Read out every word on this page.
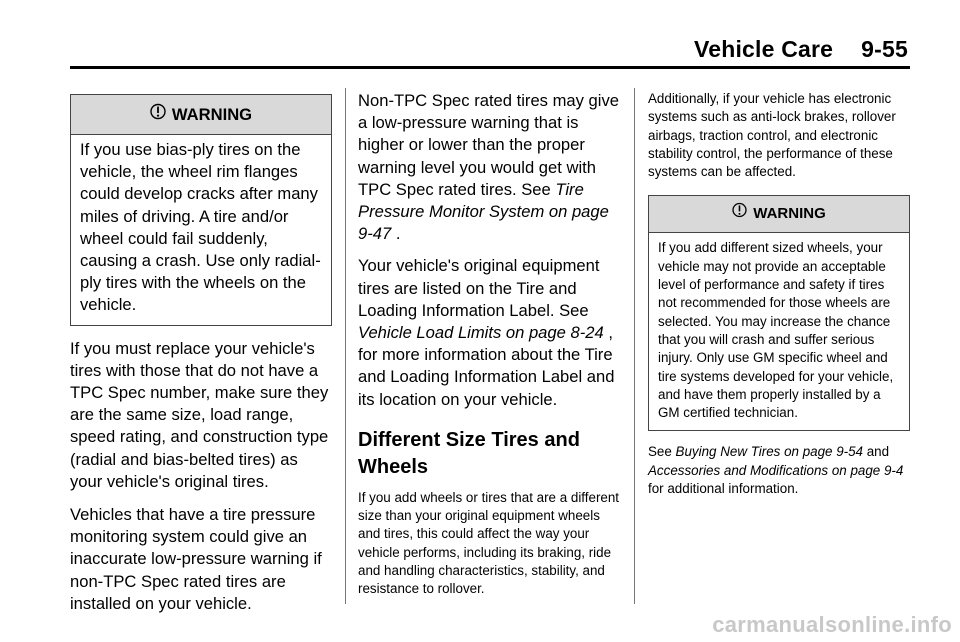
Vehicle Care 9-55
WARNING

If you use bias-ply tires on the vehicle, the wheel rim flanges could develop cracks after many miles of driving. A tire and/or wheel could fail suddenly, causing a crash. Use only radial-ply tires with the wheels on the vehicle.

If you must replace your vehicle's tires with those that do not have a TPC Spec number, make sure they are the same size, load range, speed rating, and construction type (radial and bias-belted tires) as your vehicle's original tires.

Vehicles that have a tire pressure monitoring system could give an inaccurate low-pressure warning if non-TPC Spec rated tires are installed on your vehicle.

Non-TPC Spec rated tires may give a low-pressure warning that is higher or lower than the proper warning level you would get with TPC Spec rated tires. See Tire Pressure Monitor System on page 9-47 .

Your vehicle's original equipment tires are listed on the Tire and Loading Information Label. See Vehicle Load Limits on page 8-24 , for more information about the Tire and Loading Information Label and its location on your vehicle.

Different Size Tires and Wheels

If you add wheels or tires that are a different size than your original equipment wheels and tires, this could affect the way your vehicle performs, including its braking, ride and handling characteristics, stability, and resistance to rollover.

Additionally, if your vehicle has electronic systems such as anti-lock brakes, rollover airbags, traction control, and electronic stability control, the performance of these systems can be affected.

WARNING

If you add different sized wheels, your vehicle may not provide an acceptable level of performance and safety if tires not recommended for those wheels are selected. You may increase the chance that you will crash and suffer serious injury. Only use GM specific wheel and tire systems developed for your vehicle, and have them properly installed by a GM certified technician.

See Buying New Tires on page 9-54 and Accessories and Modifications on page 9-4 for additional information.

carmanualsonline.info
